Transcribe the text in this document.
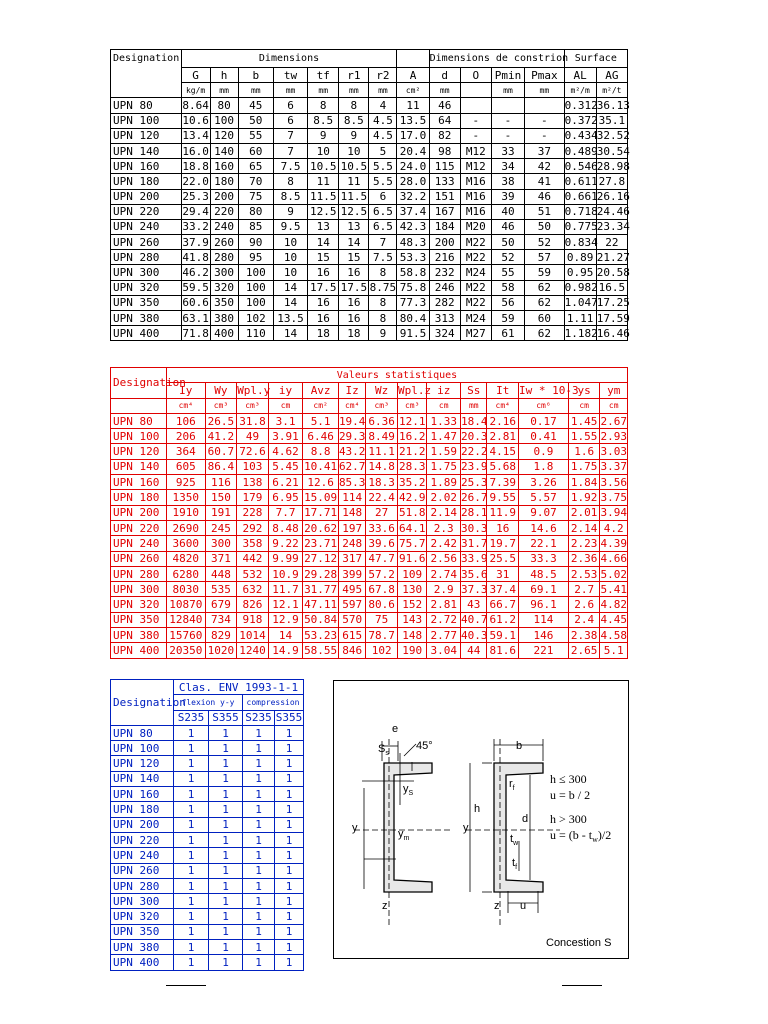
Designation	Dimensions								Dimensions de constrion				Surface	
	G	h	b	tw	tf	r1	r2	A	d	O	Pmin	Pmax	AL	AG
	kg/m	mm	mm	mm	mm	mm	mm	cm²	mm		mm	mm	m²/m	m²/t
UPN 80	8.64	80	45	6	8	8	4	11	46				0.312	36.13
UPN 100	10.6	100	50	6	8.5	8.5	4.5	13.5	64	-	-	-	0.372	35.1
UPN 120	13.4	120	55	7	9	9	4.5	17.0	82	-	-	-	0.434	32.52
UPN 140	16.0	140	60	7	10	10	5	20.4	98	M12	33	37	0.489	30.54
UPN 160	18.8	160	65	7.5	10.5	10.5	5.5	24.0	115	M12	34	42	0.546	28.98
UPN 180	22.0	180	70	8	11	11	5.5	28.0	133	M16	38	41	0.611	27.8
UPN 200	25.3	200	75	8.5	11.5	11.5	6	32.2	151	M16	39	46	0.661	26.16
UPN 220	29.4	220	80	9	12.5	12.5	6.5	37.4	167	M16	40	51	0.718	24.46
UPN 240	33.2	240	85	9.5	13	13	6.5	42.3	184	M20	46	50	0.775	23.34
UPN 260	37.9	260	90	10	14	14	7	48.3	200	M22	50	52	0.834	22
UPN 280	41.8	280	95	10	15	15	7.5	53.3	216	M22	52	57	0.89	21.27
UPN 300	46.2	300	100	10	16	16	8	58.8	232	M24	55	59	0.95	20.58
UPN 320	59.5	320	100	14	17.5	17.5	8.75	75.8	246	M22	58	62	0.982	16.5
UPN 350	60.6	350	100	14	16	16	8	77.3	282	M22	56	62	1.047	17.25
UPN 380	63.1	380	102	13.5	16	16	8	80.4	313	M24	59	60	1.11	17.59
UPN 400	71.8	400	110	14	18	18	9	91.5	324	M27	61	62	1.182	16.46
Designation	Valeurs statistiques													
	Iy	Wy	Wpl.y	iy	Avz	Iz	Wz	Wpl.z	iz	Ss	It	Iw * 10-3	ys	ym
	cm⁴	cm³	cm³	cm	cm²	cm⁴	cm³	cm³	cm	mm	cm⁴	cm⁶	cm	cm
UPN 80	106	26.5	31.8	3.1	5.1	19.4	6.36	12.1	1.33	18.4	2.16	0.17	1.45	2.67
UPN 100	206	41.2	49	3.91	6.46	29.3	8.49	16.2	1.47	20.3	2.81	0.41	1.55	2.93
UPN 120	364	60.7	72.6	4.62	8.8	43.2	11.1	21.2	1.59	22.2	4.15	0.9	1.6	3.03
UPN 140	605	86.4	103	5.45	10.41	62.7	14.8	28.3	1.75	23.9	5.68	1.8	1.75	3.37
UPN 160	925	116	138	6.21	12.6	85.3	18.3	35.2	1.89	25.3	7.39	3.26	1.84	3.56
UPN 180	1350	150	179	6.95	15.09	114	22.4	42.9	2.02	26.7	9.55	5.57	1.92	3.75
UPN 200	1910	191	228	7.7	17.71	148	27	51.8	2.14	28.1	11.9	9.07	2.01	3.94
UPN 220	2690	245	292	8.48	20.62	197	33.6	64.1	2.3	30.3	16	14.6	2.14	4.2
UPN 240	3600	300	358	9.22	23.71	248	39.6	75.7	2.42	31.7	19.7	22.1	2.23	4.39
UPN 260	4820	371	442	9.99	27.12	317	47.7	91.6	2.56	33.9	25.5	33.3	2.36	4.66
UPN 280	6280	448	532	10.9	29.28	399	57.2	109	2.74	35.6	31	48.5	2.53	5.02
UPN 300	8030	535	632	11.7	31.77	495	67.8	130	2.9	37.3	37.4	69.1	2.7	5.41
UPN 320	10870	679	826	12.1	47.11	597	80.6	152	2.81	43	66.7	96.1	2.6	4.82
UPN 350	12840	734	918	12.9	50.84	570	75	143	2.72	40.7	61.2	114	2.4	4.45
UPN 380	15760	829	1014	14	53.23	615	78.7	148	2.77	40.3	59.1	146	2.38	4.58
UPN 400	20350	1020	1240	14.9	58.55	846	102	190	3.04	44	81.6	221	2.65	5.1
Designation	Clas. ENV 1993-1-1			
	flexion y-y		compression	
	S235	S355	S235	S355
UPN 80	1	1	1	1
UPN 100	1	1	1	1
UPN 120	1	1	1	1
UPN 140	1	1	1	1
UPN 160	1	1	1	1
UPN 180	1	1	1	1
UPN 200	1	1	1	1
UPN 220	1	1	1	1
UPN 240	1	1	1	1
UPN 260	1	1	1	1
UPN 280	1	1	1	1
UPN 300	1	1	1	1
UPN 320	1	1	1	1
UPN 350	1	1	1	1
UPN 380	1	1	1	1
UPN 400	1	1	1	1
e
$S_s$
45°
$y_S$
y	$y_m$
z
b
$r_f$
h
d
y
$t_w$
$t_f$
z u
h ≤ 300
u = b / 2
h > 300
$u = (b - t_w)/2$
Concestion S
